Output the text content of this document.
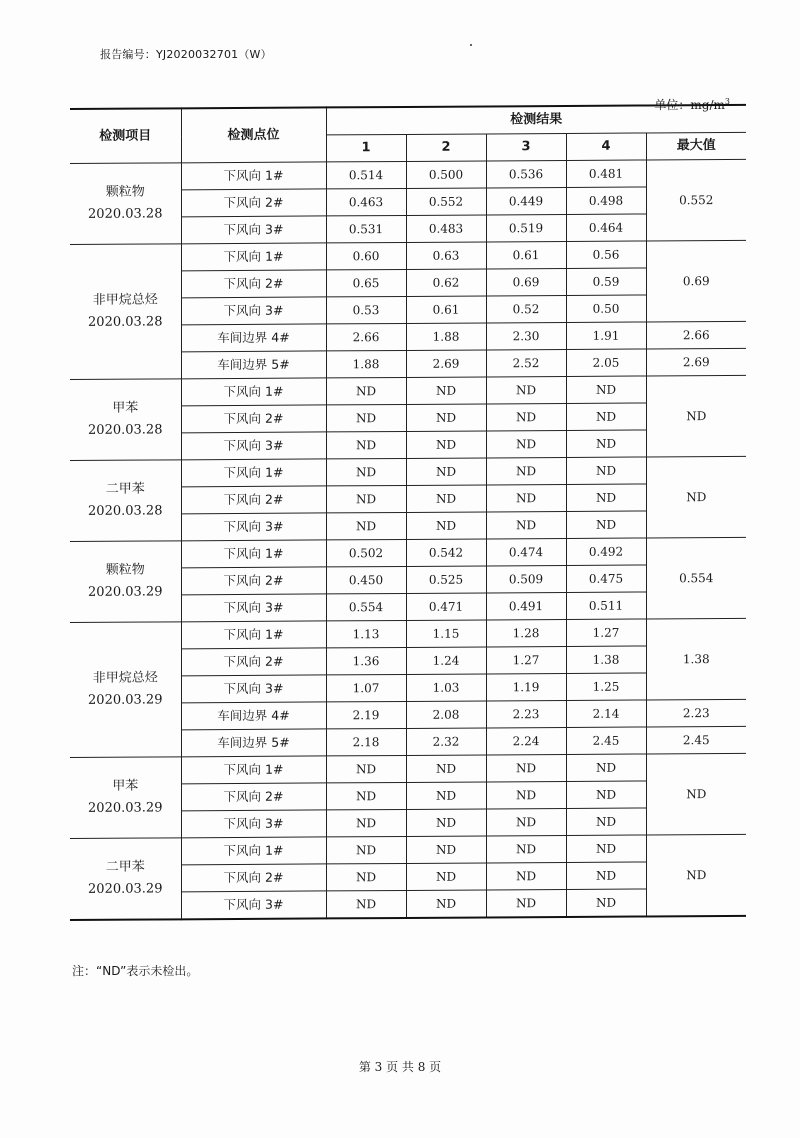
报告编号：YJ2020032701（W）
单位：$mg/m^3$
检测项目	检测点位	检测结果				
		1	2	3	4	最大值

颗粒物
2020.03.28	下风向 1#	0.514	0.500	0.536	0.481	0.552
	下风向 2#	0.463	0.552	0.449	0.498	
	下风向 3#	0.531	0.483	0.519	0.464	

非甲烷总烃
2020.03.28	下风向 1#	0.60	0.63	0.61	0.56	0.69
	下风向 2#	0.65	0.62	0.69	0.59	
	下风向 3#	0.53	0.61	0.52	0.50	
	车间边界 4#	2.66	1.88	2.30	1.91	2.66
	车间边界 5#	1.88	2.69	2.52	2.05	2.69

甲苯
2020.03.28	下风向 1#	ND	ND	ND	ND	ND
	下风向 2#	ND	ND	ND	ND	
	下风向 3#	ND	ND	ND	ND	

二甲苯
2020.03.28	下风向 1#	ND	ND	ND	ND	ND
	下风向 2#	ND	ND	ND	ND	
	下风向 3#	ND	ND	ND	ND	

颗粒物
2020.03.29	下风向 1#	0.502	0.542	0.474	0.492	0.554
	下风向 2#	0.450	0.525	0.509	0.475	
	下风向 3#	0.554	0.471	0.491	0.511	

非甲烷总烃
2020.03.29	下风向 1#	1.13	1.15	1.28	1.27	1.38
	下风向 2#	1.36	1.24	1.27	1.38	
	下风向 3#	1.07	1.03	1.19	1.25	
	车间边界 4#	2.19	2.08	2.23	2.14	2.23
	车间边界 5#	2.18	2.32	2.24	2.45	2.45

甲苯
2020.03.29	下风向 1#	ND	ND	ND	ND	ND
	下风向 2#	ND	ND	ND	ND	
	下风向 3#	ND	ND	ND	ND	

二甲苯
2020.03.29	下风向 1#	ND	ND	ND	ND	ND
	下风向 2#	ND	ND	ND	ND	
	下风向 3#	ND	ND	ND	ND	
注：“ND”表示未检出。
第 3 页 共 8 页
